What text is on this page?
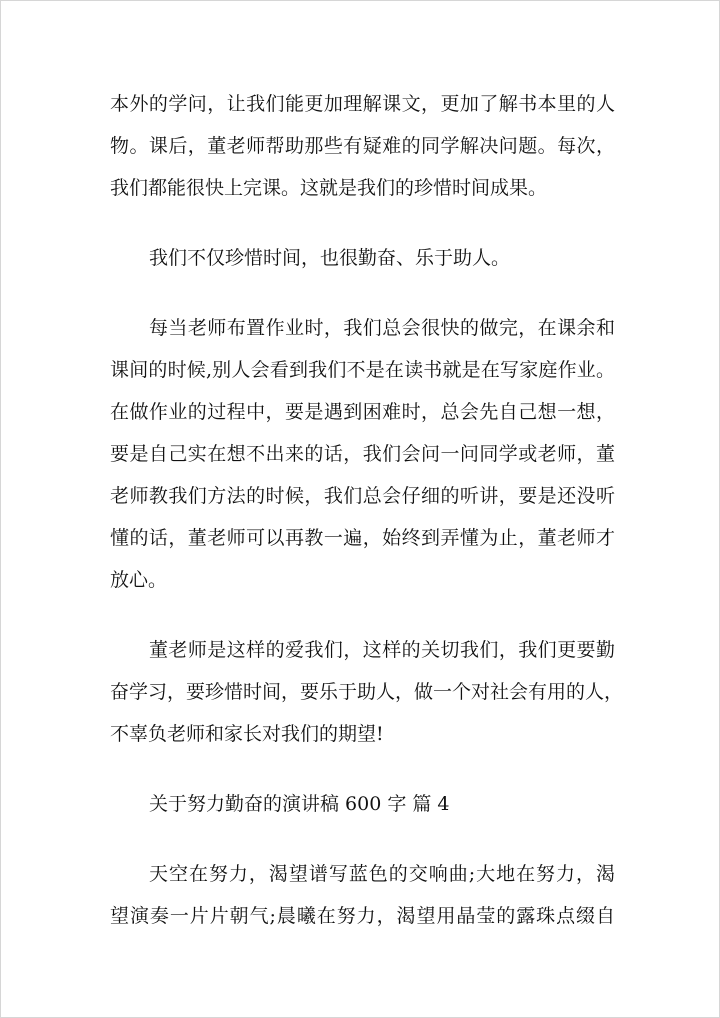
本外的学问，让我们能更加理解课文，更加了解书本里的人
物。课后，董老师帮助那些有疑难的同学解决问题。每次，
我们都能很快上完课。这就是我们的珍惜时间成果。
我们不仅珍惜时间，也很勤奋、乐于助人。
每当老师布置作业时，我们总会很快的做完，在课余和
课间的时候,别人会看到我们不是在读书就是在写家庭作业。
在做作业的过程中，要是遇到困难时，总会先自己想一想，
要是自己实在想不出来的话，我们会问一问同学或老师，董
老师教我们方法的时候，我们总会仔细的听讲，要是还没听
懂的话，董老师可以再教一遍，始终到弄懂为止，董老师才
放心。
董老师是这样的爱我们，这样的关切我们，我们更要勤
奋学习，要珍惜时间，要乐于助人，做一个对社会有用的人，
不辜负老师和家长对我们的期望!
关于努力勤奋的演讲稿 600 字 篇 4
天空在努力，渴望谱写蓝色的交响曲;大地在努力，渴
望演奏一片片朝气;晨曦在努力，渴望用晶莹的露珠点缀自
